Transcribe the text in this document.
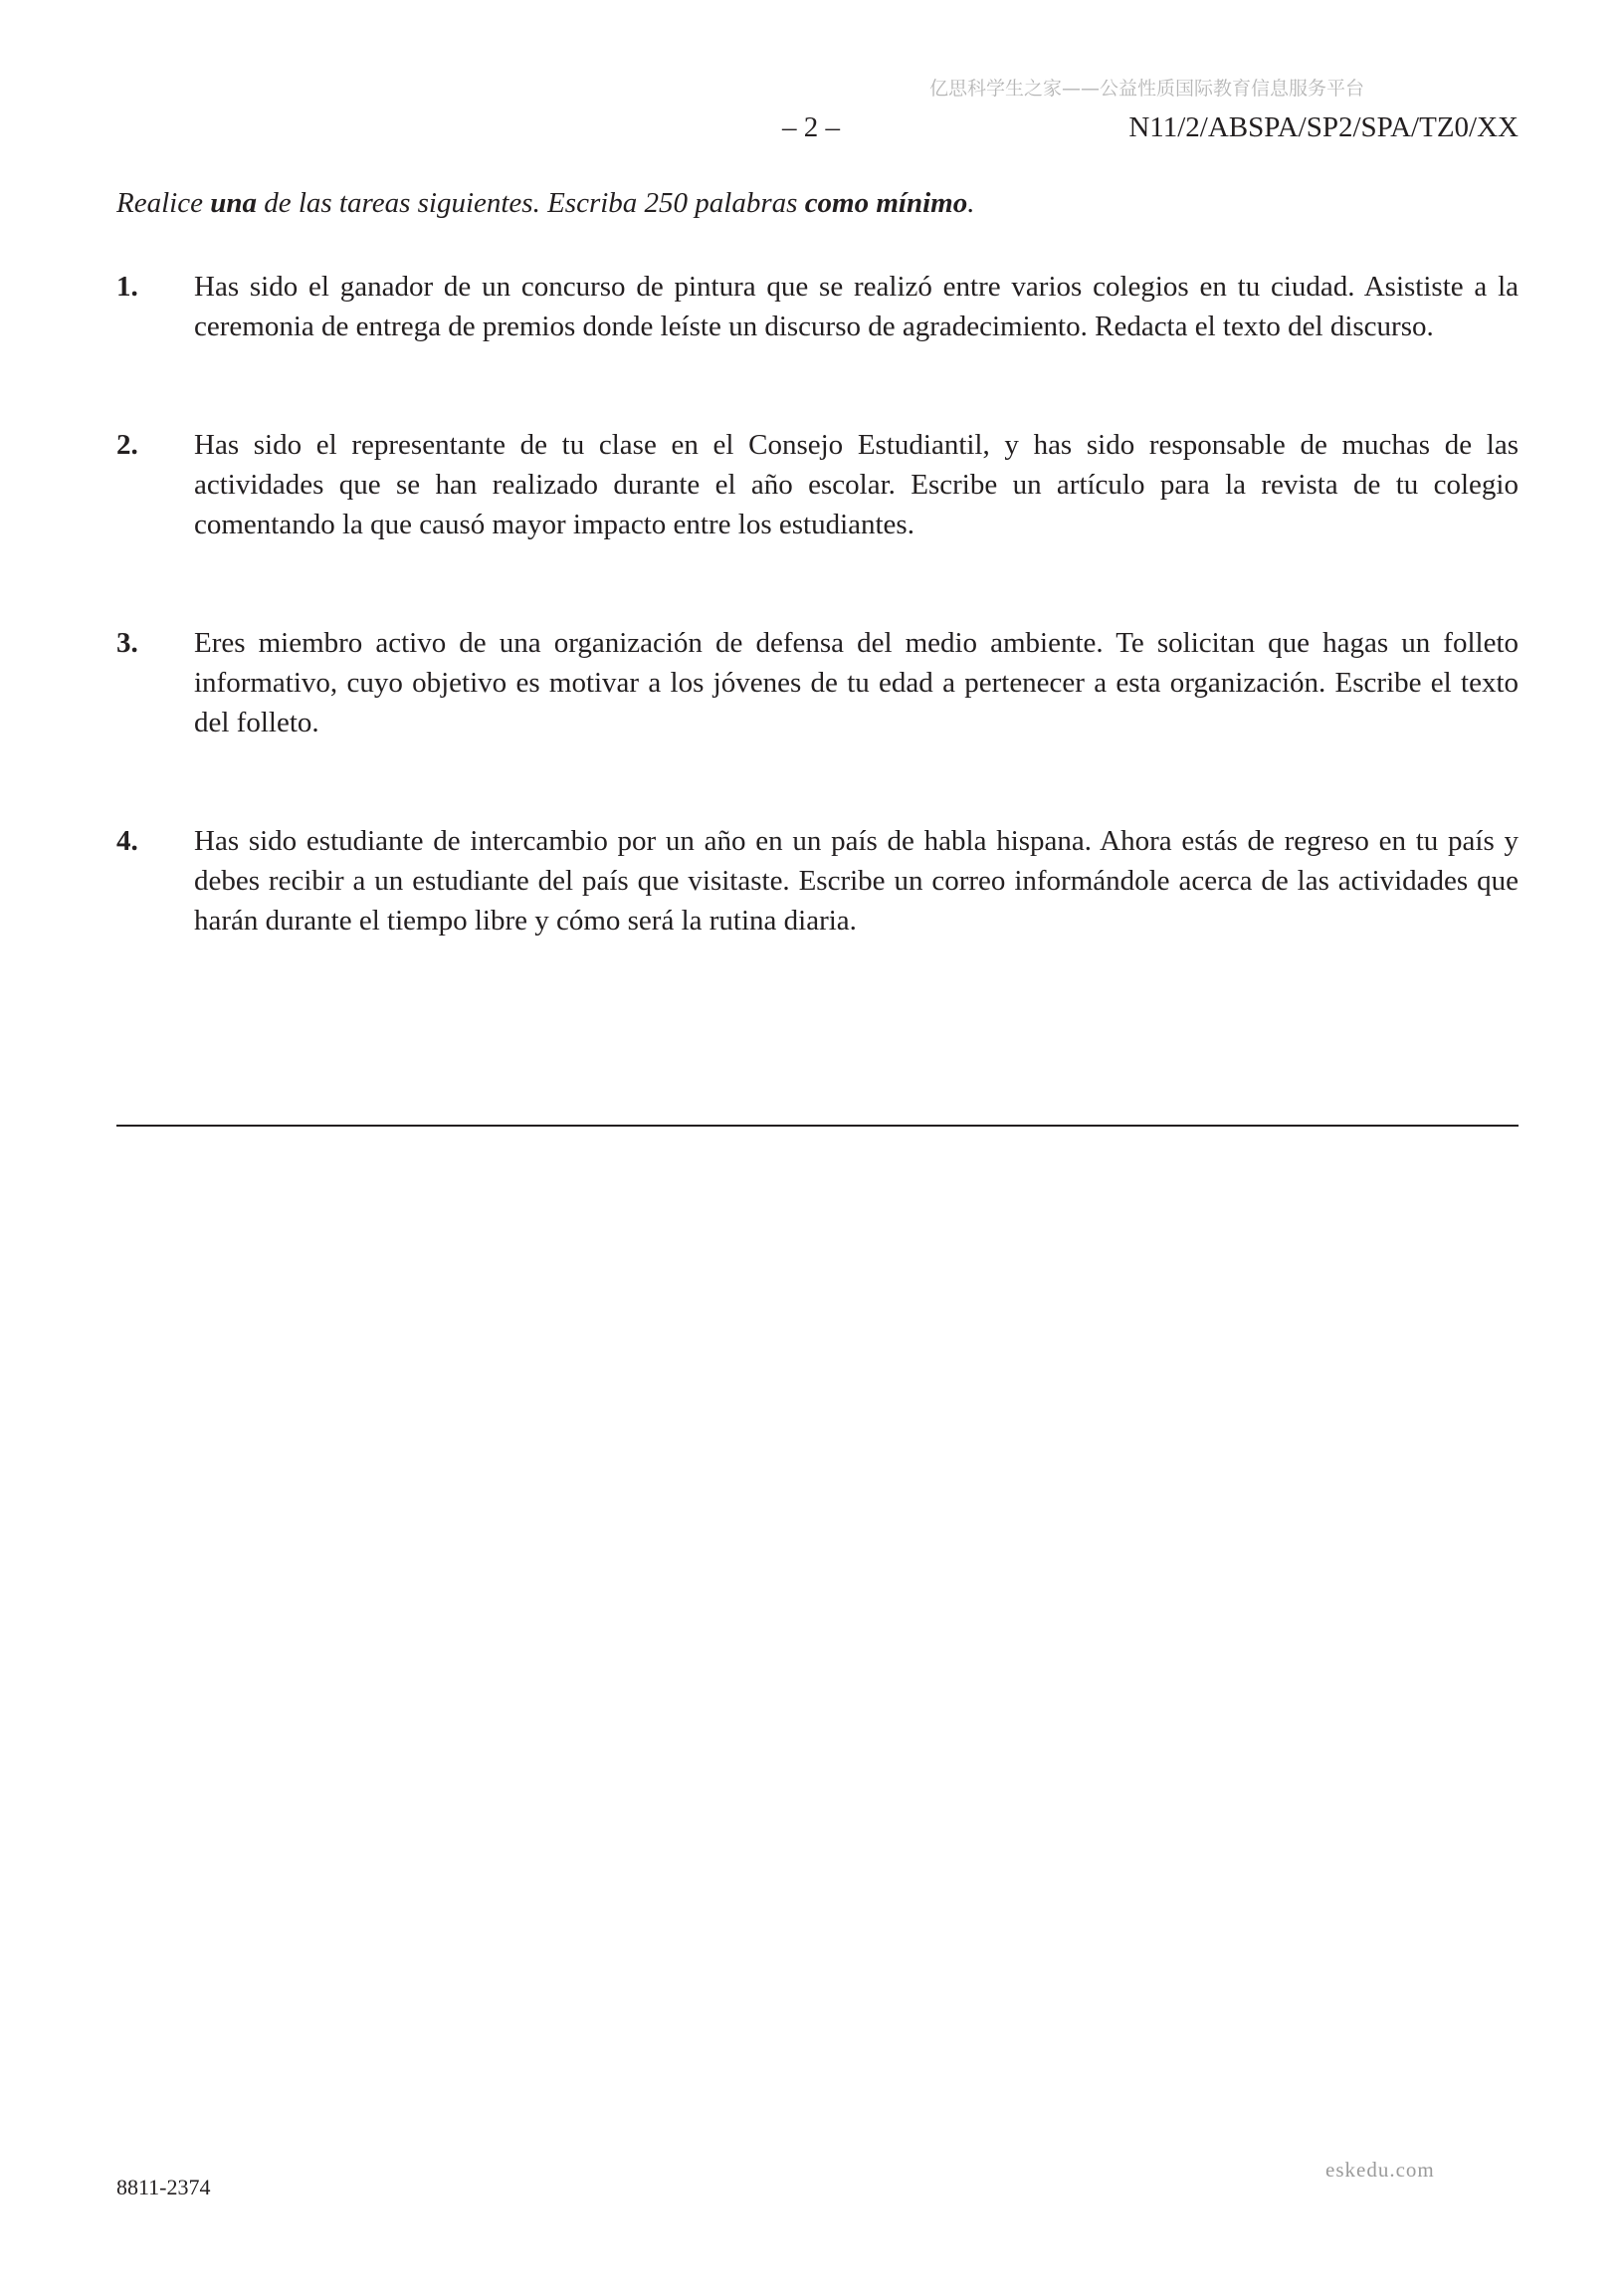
亿思科学生之家——公益性质国际教育信息服务平台
– 2 –	N11/2/ABSPA/SP2/SPA/TZ0/XX
Realice una de las tareas siguientes. Escriba 250 palabras como mínimo.
1. Has sido el ganador de un concurso de pintura que se realizó entre varios colegios en tu ciudad. Asististe a la ceremonia de entrega de premios donde leíste un discurso de agradecimiento. Redacta el texto del discurso.
2. Has sido el representante de tu clase en el Consejo Estudiantil, y has sido responsable de muchas de las actividades que se han realizado durante el año escolar. Escribe un artículo para la revista de tu colegio comentando la que causó mayor impacto entre los estudiantes.
3. Eres miembro activo de una organización de defensa del medio ambiente. Te solicitan que hagas un folleto informativo, cuyo objetivo es motivar a los jóvenes de tu edad a pertenecer a esta organización. Escribe el texto del folleto.
4. Has sido estudiante de intercambio por un año en un país de habla hispana. Ahora estás de regreso en tu país y debes recibir a un estudiante del país que visitaste. Escribe un correo informándole acerca de las actividades que harán durante el tiempo libre y cómo será la rutina diaria.
eskedu.com
8811-2374
